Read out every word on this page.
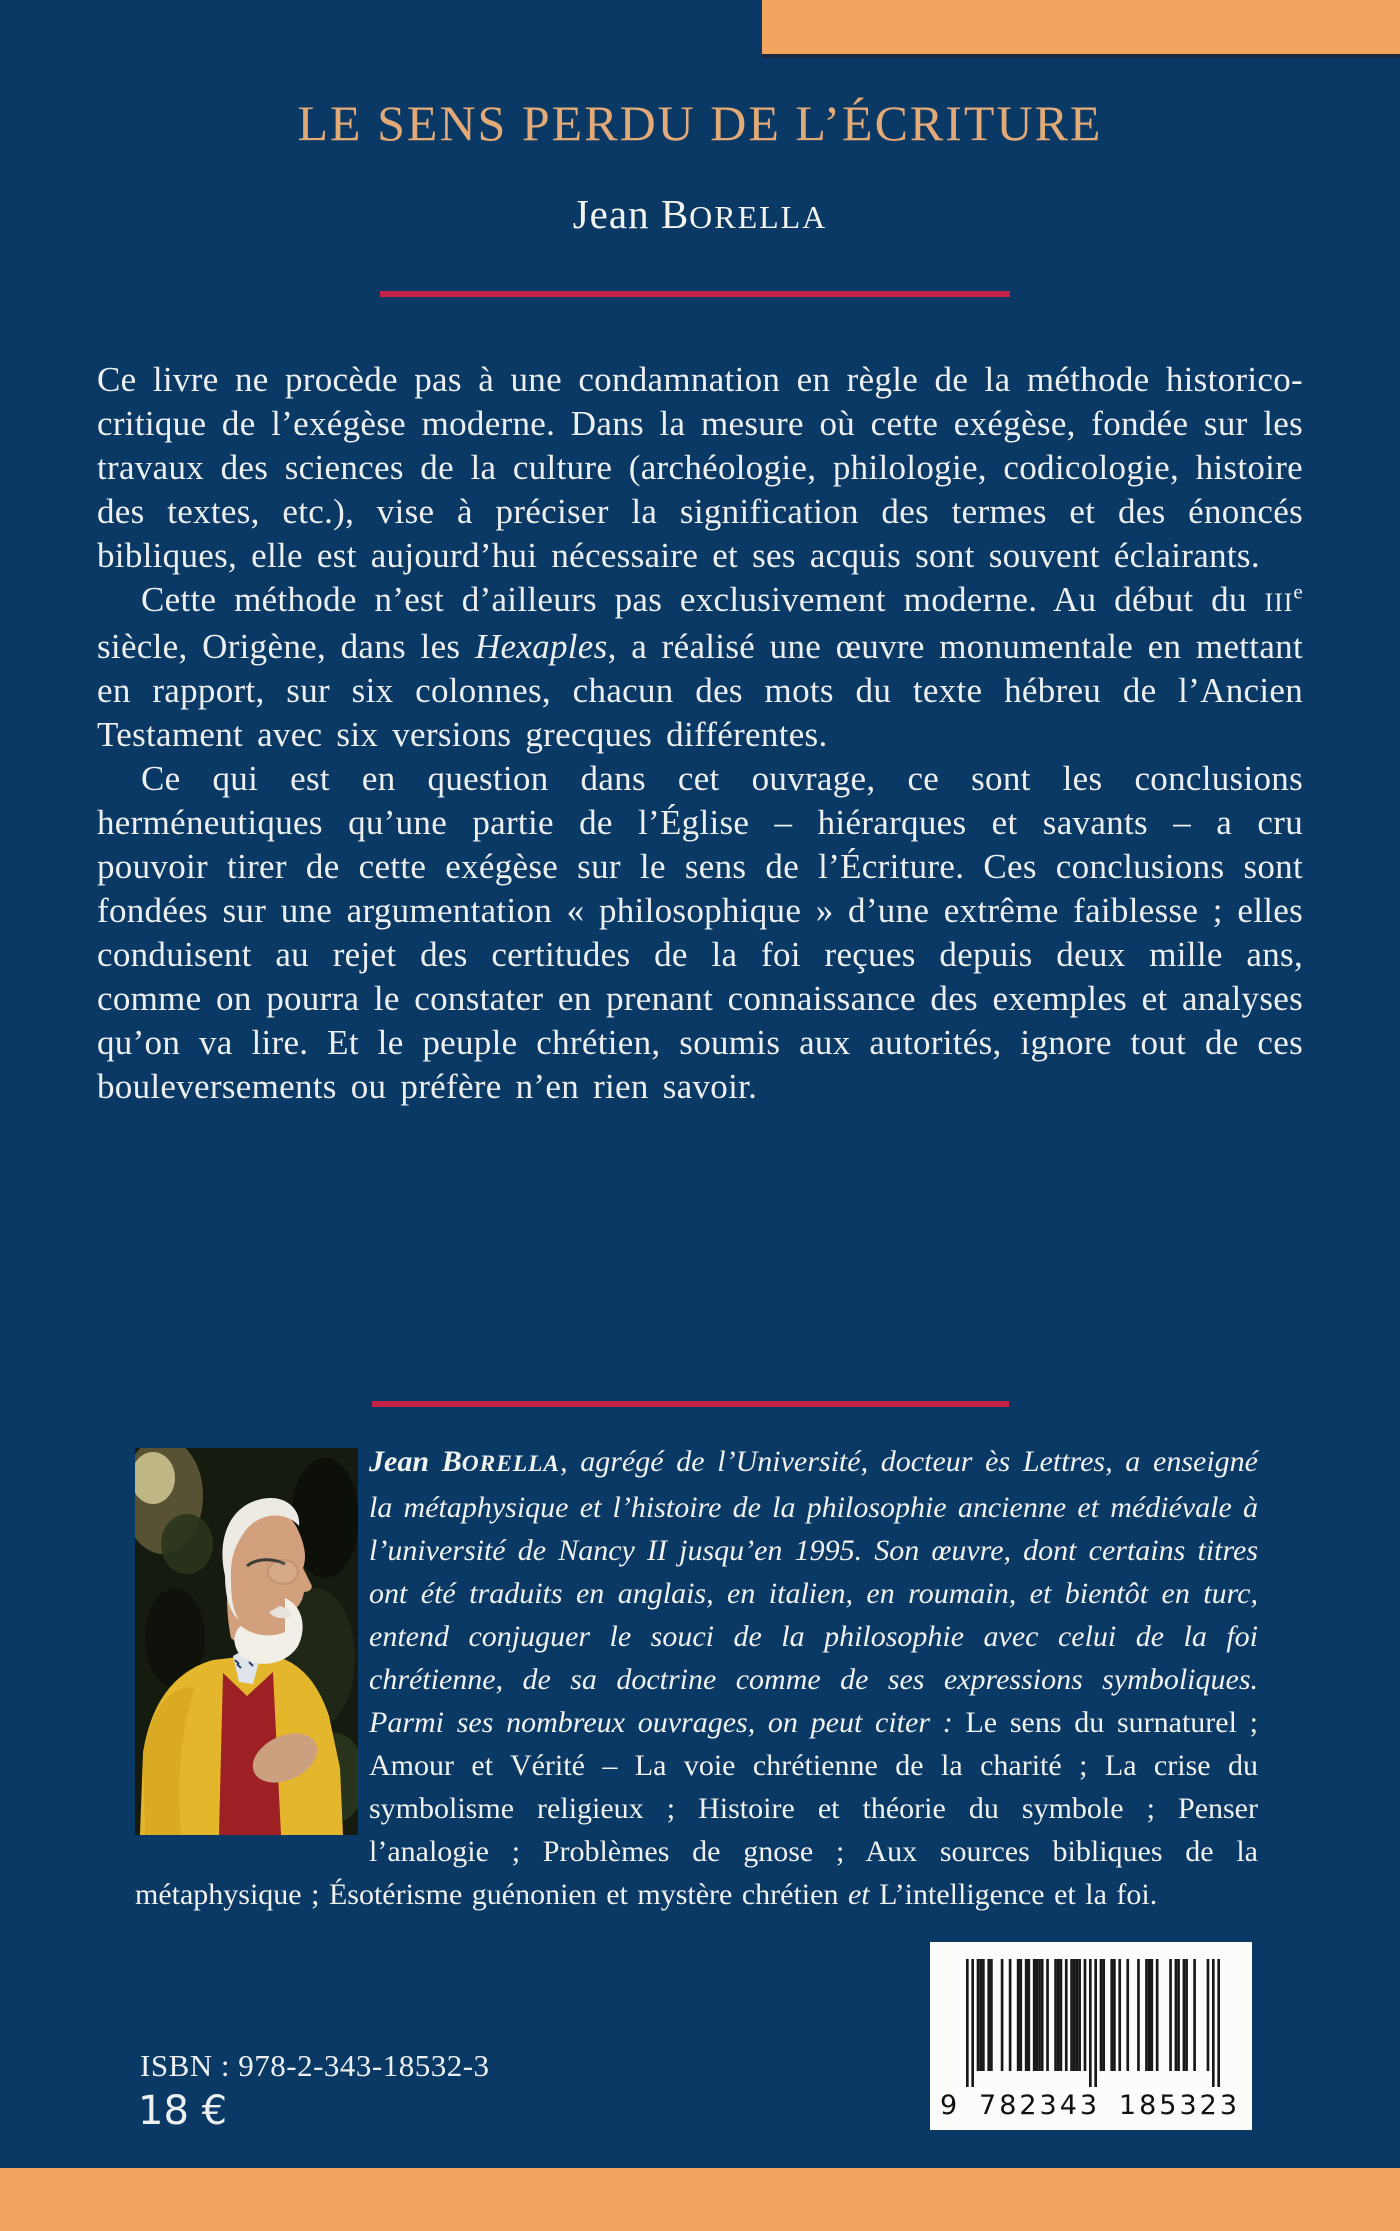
LE SENS PERDU DE L’ÉCRITURE
Jean BORELLA

Ce livre ne procède pas à une condamnation en règle de la méthode historico-critique de l’exégèse moderne. Dans la mesure où cette exégèse, fondée sur les travaux des sciences de la culture (archéologie, philologie, codicologie, histoire des textes, etc.), vise à préciser la signification des termes et des énoncés bibliques, elle est aujourd’hui nécessaire et ses acquis sont souvent éclairants.

Cette méthode n’est d’ailleurs pas exclusivement moderne. Au début du IIIe siècle, Origène, dans les Hexaples, a réalisé une œuvre monumentale en mettant en rapport, sur six colonnes, chacun des mots du texte hébreu de l’Ancien Testament avec six versions grecques différentes.

Ce qui est en question dans cet ouvrage, ce sont les conclusions herméneutiques qu’une partie de l’Église – hiérarques et savants – a cru pouvoir tirer de cette exégèse sur le sens de l’Écriture. Ces conclusions sont fondées sur une argumentation « philosophique » d’une extrême faiblesse ; elles conduisent au rejet des certitudes de la foi reçues depuis deux mille ans, comme on pourra le constater en prenant connaissance des exemples et analyses qu’on va lire. Et le peuple chrétien, soumis aux autorités, ignore tout de ces bouleversements ou préfère n’en rien savoir.

Jean BORELLA, agrégé de l’Université, docteur ès Lettres, a enseigné la métaphysique et l’histoire de la philosophie ancienne et médiévale à l’université de Nancy II jusqu’en 1995. Son œuvre, dont certains titres ont été traduits en anglais, en italien, en roumain, et bientôt en turc, entend conjuguer le souci de la philosophie avec celui de la foi chrétienne, de sa doctrine comme de ses expressions symboliques. Parmi ses nombreux ouvrages, on peut citer : Le sens du surnaturel ; Amour et Vérité – La voie chrétienne de la charité ; La crise du symbolisme religieux ; Histoire et théorie du symbole ; Penser l’analogie ; Problèmes de gnose ; Aux sources bibliques de la métaphysique ; Ésotérisme guénonien et mystère chrétien et L’intelligence et la foi.
ISBN : 978-2-343-18532-3
18 €	9 782343 185323
